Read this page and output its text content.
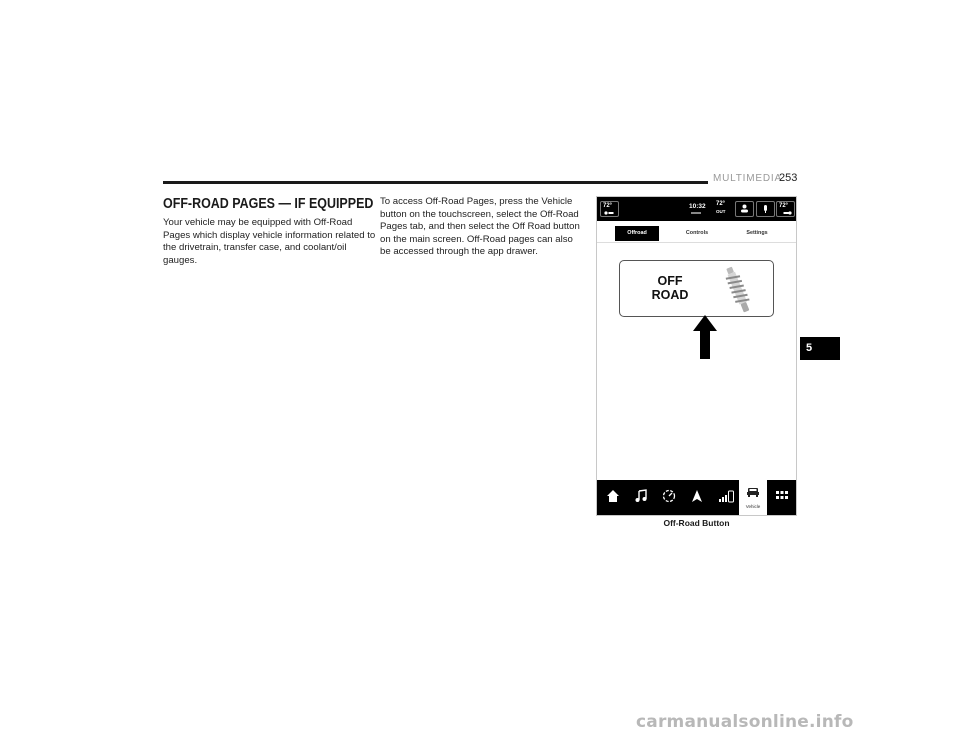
MULTIMEDIA
253
OFF-ROAD PAGES — IF EQUIPPED

Your vehicle may be equipped with Off-Road Pages which display vehicle information related to the drivetrain, transfer case, and coolant/oil gauges.

To access Off-Road Pages, press the Vehicle button on the touchscreen, select the Off-Road Pages tab, and then select the Off Road button on the main screen. Off-Road pages can also be accessed through the app drawer.

72°	10:32 72°
OUT
72°
Offroad	Controls	Settings
OFF
ROAD
Vehicle
Off-Road Button
5
carmanualsonline.info
